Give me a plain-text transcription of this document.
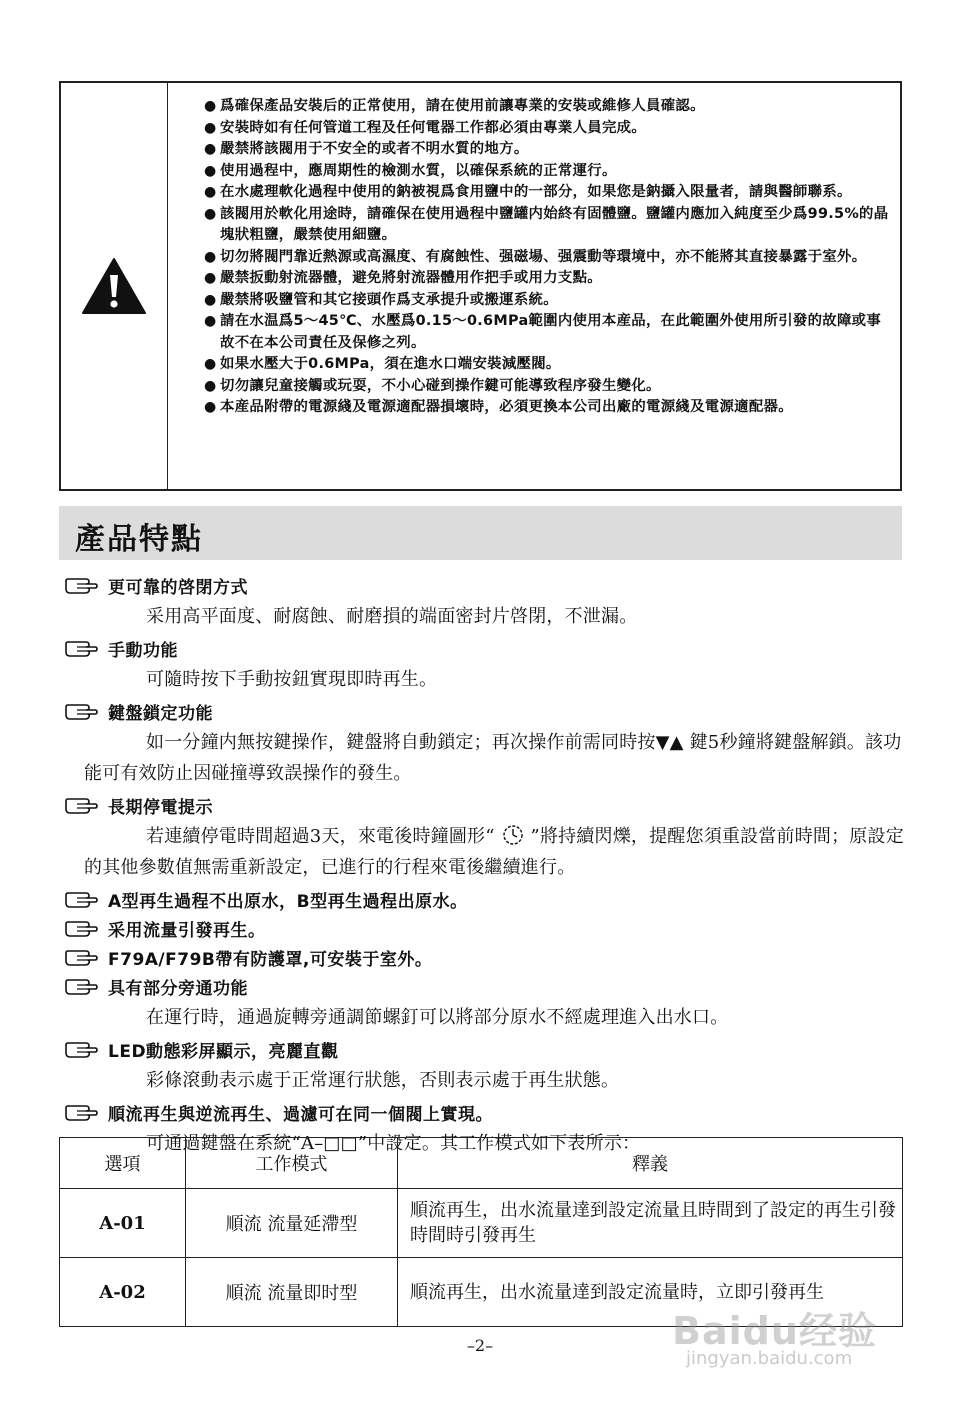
● 爲確保產品安裝后的正常使用，請在使用前讓專業的安裝或維修人員確認。
● 安裝時如有任何管道工程及任何電器工作都必須由專業人員完成。
● 嚴禁將該閥用于不安全的或者不明水質的地方。
● 使用過程中，應周期性的檢測水質，以確保系統的正常運行。
● 在水處理軟化過程中使用的鈉被視爲食用鹽中的一部分，如果您是鈉攝入限量者，請與醫師聯系。
● 該閥用於軟化用途時，請確保在使用過程中鹽罐内始終有固體鹽。鹽罐内應加入純度至少爲99.5%的晶塊狀粗鹽，嚴禁使用細鹽。
● 切勿將閥門靠近熱源或高濕度、有腐蝕性、强磁場、强震動等環境中，亦不能將其直接暴露于室外。
● 嚴禁扳動射流器體，避免將射流器體用作把手或用力支點。
● 嚴禁將吸鹽管和其它接頭作爲支承提升或搬運系統。
● 請在水温爲5～45℃、水壓爲0.15～0.6MPa範圍内使用本産品，在此範圍外使用所引發的故障或事故不在本公司責任及保修之列。
● 如果水壓大于0.6MPa，須在進水口端安裝減壓閥。
● 切勿讓兒童接觸或玩耍，不小心碰到操作鍵可能導致程序發生變化。
● 本産品附帶的電源綫及電源適配器損壞時，必須更換本公司出廠的電源綫及電源適配器。
產品特點
更可靠的啓閉方式
采用高平面度、耐腐蝕、耐磨損的端面密封片啓閉，不泄漏。
手動功能
可隨時按下手動按鈕實現即時再生。
鍵盤鎖定功能
如一分鐘内無按鍵操作，鍵盤將自動鎖定；再次操作前需同時按▼▲ 鍵5秒鐘將鍵盤解鎖。該功能可有效防止因碰撞導致誤操作的發生。
長期停電提示
若連續停電時間超過3天，來電後時鐘圖形“  ”將持續閃爍，提醒您須重設當前時間；原設定的其他參數值無需重新設定，已進行的行程來電後繼續進行。
A型再生過程不出原水，B型再生過程出原水。
采用流量引發再生。
F79A/F79B帶有防護罩,可安裝于室外。
具有部分旁通功能
在運行時，通過旋轉旁通調節螺釘可以將部分原水不經處理進入出水口。
LED動態彩屏顯示，亮麗直觀
彩條滾動表示處于正常運行狀態，否則表示處于再生狀態。
順流再生與逆流再生、過濾可在同一個閥上實現。
可通過鍵盤在系統“A–□□”中設定。其工作模式如下表所示：
選項	工作模式	釋義
A-01	順流 流量延滯型	順流再生，出水流量達到設定流量且時間到了設定的再生引發時間時引發再生
A-02	順流 流量即时型	順流再生，出水流量達到設定流量時，立即引發再生
–2–	Baidu经验
jingyan.baidu.com
